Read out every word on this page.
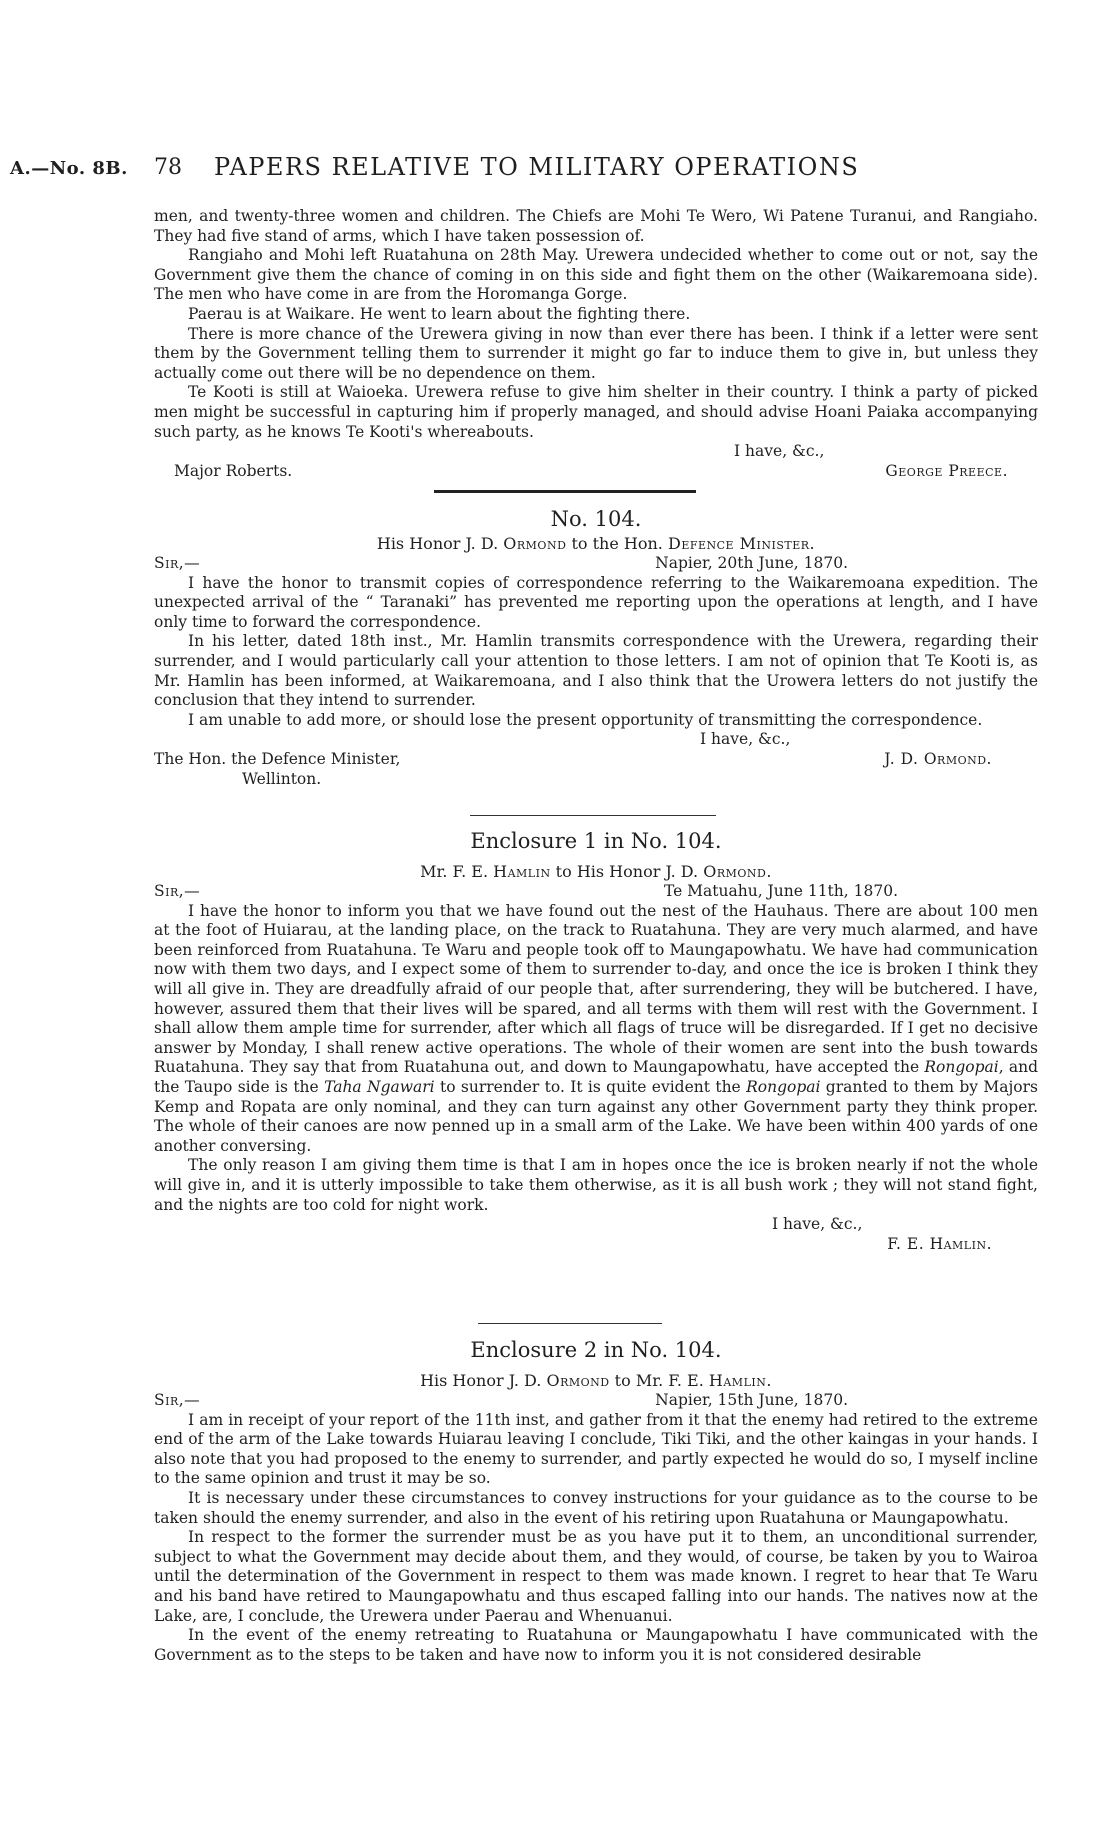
A.—No. 8B. 78 PAPERS RELATIVE TO MILITARY OPERATIONS

men, and twenty-three women and children. The Chiefs are Mohi Te Wero, Wi Patene Turanui, and Rangiaho. They had five stand of arms, which I have taken possession of.

Rangiaho and Mohi left Ruatahuna on 28th May. Urewera undecided whether to come out or not, say the Government give them the chance of coming in on this side and fight them on the other (Waikaremoana side). The men who have come in are from the Horomanga Gorge.

Paerau is at Waikare. He went to learn about the fighting there.

There is more chance of the Urewera giving in now than ever there has been. I think if a letter were sent them by the Government telling them to surrender it might go far to induce them to give in, but unless they actually come out there will be no dependence on them.

Te Kooti is still at Waioeka. Urewera refuse to give him shelter in their country. I think a party of picked men might be successful in capturing him if properly managed, and should advise Hoani Paiaka accompanying such party, as he knows Te Kooti's whereabouts.

I have, &c.,
Major Roberts.	George Preece.
No. 104.
His Honor J. D. Ormond to the Hon. Defence Minister.
Sir,—	Napier, 20th June, 1870.

I have the honor to transmit copies of correspondence referring to the Waikaremoana expedition. The unexpected arrival of the “ Taranaki” has prevented me reporting upon the operations at length, and I have only time to forward the correspondence.

In his letter, dated 18th inst., Mr. Hamlin transmits correspondence with the Urewera, regarding their surrender, and I would particularly call your attention to those letters. I am not of opinion that Te Kooti is, as Mr. Hamlin has been informed, at Waikaremoana, and I also think that the Urowera letters do not justify the conclusion that they intend to surrender.

I am unable to add more, or should lose the present opportunity of transmitting the correspondence.

I have, &c.,
The Hon. the Defence Minister,	J. D. Ormond.
Wellinton.
Enclosure 1 in No. 104.
Mr. F. E. Hamlin to His Honor J. D. Ormond.
Sir,—	Te Matuahu, June 11th, 1870.

I have the honor to inform you that we have found out the nest of the Hauhaus. There are about 100 men at the foot of Huiarau, at the landing place, on the track to Ruatahuna. They are very much alarmed, and have been reinforced from Ruatahuna. Te Waru and people took off to Maungapowhatu. We have had communication now with them two days, and I expect some of them to surrender to-day, and once the ice is broken I think they will all give in. They are dreadfully afraid of our people that, after surrendering, they will be butchered. I have, however, assured them that their lives will be spared, and all terms with them will rest with the Government. I shall allow them ample time for surrender, after which all flags of truce will be disregarded. If I get no decisive answer by Monday, I shall renew active operations. The whole of their women are sent into the bush towards Ruatahuna. They say that from Ruatahuna out, and down to Maungapowhatu, have accepted the Rongopai, and the Taupo side is the Taha Ngawari to surrender to. It is quite evident the Rongopai granted to them by Majors Kemp and Ropata are only nominal, and they can turn against any other Government party they think proper. The whole of their canoes are now penned up in a small arm of the Lake. We have been within 400 yards of one another conversing.

The only reason I am giving them time is that I am in hopes once the ice is broken nearly if not the whole will give in, and it is utterly impossible to take them otherwise, as it is all bush work ; they will not stand fight, and the nights are too cold for night work.

I have, &c.,
F. E. Hamlin.
Enclosure 2 in No. 104.
His Honor J. D. Ormond to Mr. F. E. Hamlin.
Sir,—	Napier, 15th June, 1870.

I am in receipt of your report of the 11th inst, and gather from it that the enemy had retired to the extreme end of the arm of the Lake towards Huiarau leaving I conclude, Tiki Tiki, and the other kaingas in your hands. I also note that you had proposed to the enemy to surrender, and partly expected he would do so, I myself incline to the same opinion and trust it may be so.

It is necessary under these circumstances to convey instructions for your guidance as to the course to be taken should the enemy surrender, and also in the event of his retiring upon Ruatahuna or Maungapowhatu.

In respect to the former the surrender must be as you have put it to them, an unconditional surrender, subject to what the Government may decide about them, and they would, of course, be taken by you to Wairoa until the determination of the Government in respect to them was made known. I regret to hear that Te Waru and his band have retired to Maungapowhatu and thus escaped falling into our hands. The natives now at the Lake, are, I conclude, the Urewera under Paerau and Whenuanui.

In the event of the enemy retreating to Ruatahuna or Maungapowhatu I have communicated with the Government as to the steps to be taken and have now to inform you it is not considered desirable
